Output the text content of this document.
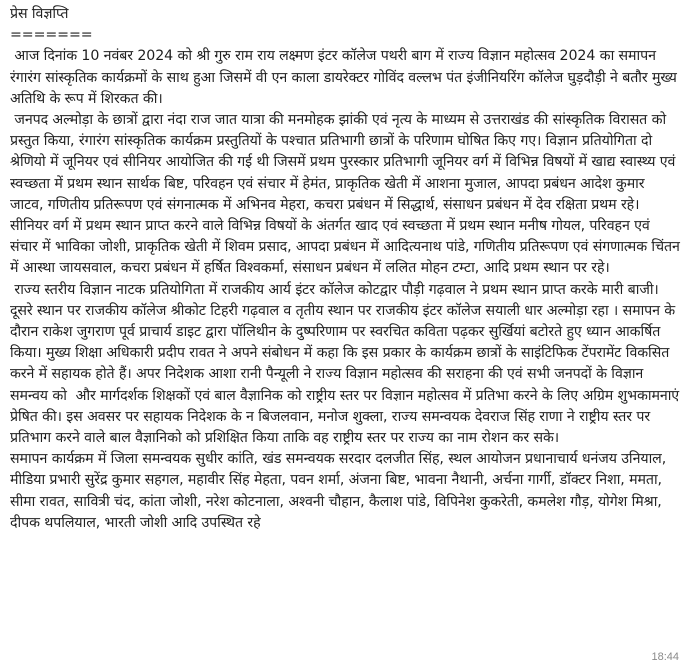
प्रेस विज्ञप्ति
=======

आज दिनांक 10 नवंबर 2024 को श्री गुरु राम राय लक्ष्मण इंटर कॉलेज पथरी बाग में राज्य विज्ञान महोत्सव 2024 का समापन रंगारंग सांस्कृतिक कार्यक्रमों के साथ हुआ जिसमें वी एन काला डायरेक्टर गोविंद वल्लभ पंत इंजीनियरिंग कॉलेज घुड़दौड़ी ने बतौर मुख्य अतिथि के रूप में शिरकत की।

जनपद अल्मोड़ा के छात्रों द्वारा नंदा राज जात यात्रा की मनमोहक झांकी एवं नृत्य के माध्यम से उत्तराखंड की सांस्कृतिक विरासत को प्रस्तुत किया, रंगारंग सांस्कृतिक कार्यक्रम प्रस्तुतियों के पश्चात प्रतिभागी छात्रों के परिणाम घोषित किए गए। विज्ञान प्रतियोगिता दो श्रेणियो में जूनियर एवं सीनियर आयोजित की गई थी जिसमें प्रथम पुरस्कार प्रतिभागी जूनियर वर्ग में विभिन्न विषयों में खाद्य स्वास्थ्य एवं स्वच्छता में प्रथम स्थान सार्थक बिष्ट, परिवहन एवं संचार में हेमंत, प्राकृतिक खेती में आशना मुजाल, आपदा प्रबंधन आदेश कुमार जाटव, गणितीय प्रतिरूपण एवं संगनात्मक में अभिनव मेहरा, कचरा प्रबंधन में सिद्धार्थ, संसाधन प्रबंधन में देव रक्षिता प्रथम रहे। सीनियर वर्ग में प्रथम स्थान प्राप्त करने वाले विभिन्न विषयों के अंतर्गत खाद एवं स्वच्छता में प्रथम स्थान मनीष गोयल, परिवहन एवं संचार में भाविका जोशी, प्राकृतिक खेती में शिवम प्रसाद, आपदा प्रबंधन में आदित्यनाथ पांडे, गणितीय प्रतिरूपण एवं संगणात्मक चिंतन में आस्था जायसवाल, कचरा प्रबंधन में हर्षित विश्वकर्मा, संसाधन प्रबंधन में ललित मोहन टम्टा, आदि प्रथम स्थान पर रहे।

राज्य स्तरीय विज्ञान नाटक प्रतियोगिता में राजकीय आर्य इंटर कॉलेज कोटद्वार पौड़ी गढ़वाल ने प्रथम स्थान प्राप्त करके मारी बाजी। दूसरे स्थान पर राजकीय कॉलेज श्रीकोट टिहरी गढ़वाल व तृतीय स्थान पर राजकीय इंटर कॉलेज सयाली धार अल्मोड़ा रहा । समापन के दौरान राकेश जुगराण पूर्व प्राचार्य डाइट द्वारा पॉलिथीन के दुष्परिणाम पर स्वरचित कविता पढ़कर सुर्खियां बटोरते हुए ध्यान आकर्षित किया। मुख्य शिक्षा अधिकारी प्रदीप रावत ने अपने संबोधन में कहा कि इस प्रकार के कार्यक्रम छात्रों के साइंटिफिक टेंपरामेंट विकसित करने में सहायक होते हैं। अपर निदेशक आशा रानी पैन्यूली ने राज्य विज्ञान महोत्सव की सराहना की एवं सभी जनपदों के विज्ञान समन्वय को  और मार्गदर्शक शिक्षकों एवं बाल वैज्ञानिक को राष्ट्रीय स्तर पर विज्ञान महोत्सव में प्रतिभा करने के लिए अग्रिम शुभकामनाएं प्रेषित की। इस अवसर पर सहायक निदेशक के न बिजलवान, मनोज शुक्ला, राज्य समन्वयक देवराज सिंह राणा ने राष्ट्रीय स्तर पर प्रतिभाग करने वाले बाल वैज्ञानिको को प्रशिक्षित किया ताकि वह राष्ट्रीय स्तर पर राज्य का नाम रोशन कर सके।

समापन कार्यक्रम में जिला समन्वयक सुधीर कांति, खंड समन्वयक सरदार दलजीत सिंह, स्थल आयोजन प्रधानाचार्य धनंजय उनियाल, मीडिया प्रभारी सुरेंद्र कुमार सहगल, महावीर सिंह मेहता, पवन शर्मा, अंजना बिष्ट, भावना नैथानी, अर्चना गार्गी, डॉक्टर निशा, ममता, सीमा रावत, सावित्री चंद, कांता जोशी, नरेश कोटनाला, अश्वनी चौहान, कैलाश पांडे, विपिनेश कुकरेती, कमलेश गौड़, योगेश मिश्रा, दीपक थपलियाल, भारती जोशी आदि उपस्थित रहे

18:44
